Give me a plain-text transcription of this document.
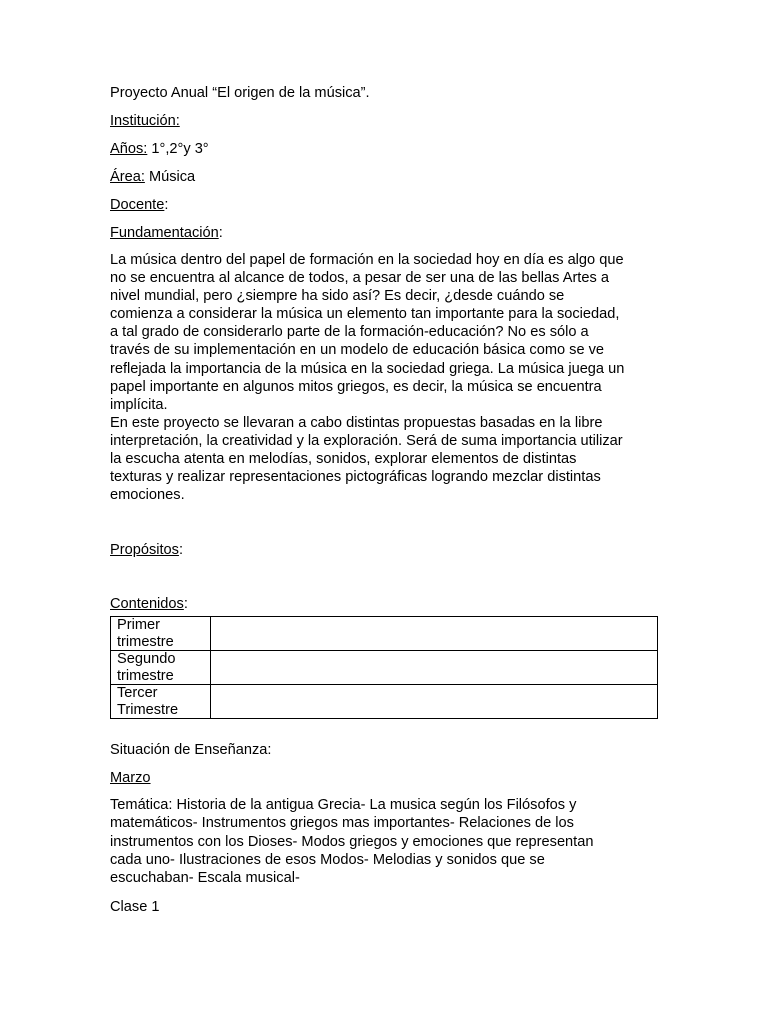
Proyecto Anual “El origen de la música”.

Institución:

Años: 1°,2°y 3°

Área: Música

Docente:

Fundamentación:

La música dentro del papel de formación en la sociedad hoy en día es algo que
no se encuentra al alcance de todos, a pesar de ser una de las bellas Artes a
nivel mundial, pero ¿siempre ha sido así? Es decir, ¿desde cuándo se
comienza a considerar la música un elemento tan importante para la sociedad,
a tal grado de considerarlo parte de la formación-educación? No es sólo a
través de su implementación en un modelo de educación básica como se ve
reflejada la importancia de la música en la sociedad griega. La música juega un
papel importante en algunos mitos griegos, es decir, la música se encuentra
implícita.
En este proyecto se llevaran a cabo distintas propuestas basadas en la libre
interpretación, la creatividad y la exploración. Será de suma importancia utilizar
la escucha atenta en melodías, sonidos, explorar elementos de distintas
texturas y realizar representaciones pictográficas logrando mezclar distintas
emociones.

Propósitos:

Contenidos:

Primer
trimestre	

Segundo
trimestre	

Tercer
Trimestre	

Situación de Enseñanza:

Marzo

Temática: Historia de la antigua Grecia- La musica según los Filósofos y
matemáticos- Instrumentos griegos mas importantes- Relaciones de los
instrumentos con los Dioses- Modos griegos y emociones que representan
cada uno- Ilustraciones de esos Modos- Melodias y sonidos que se
escuchaban- Escala musical-

Clase 1
